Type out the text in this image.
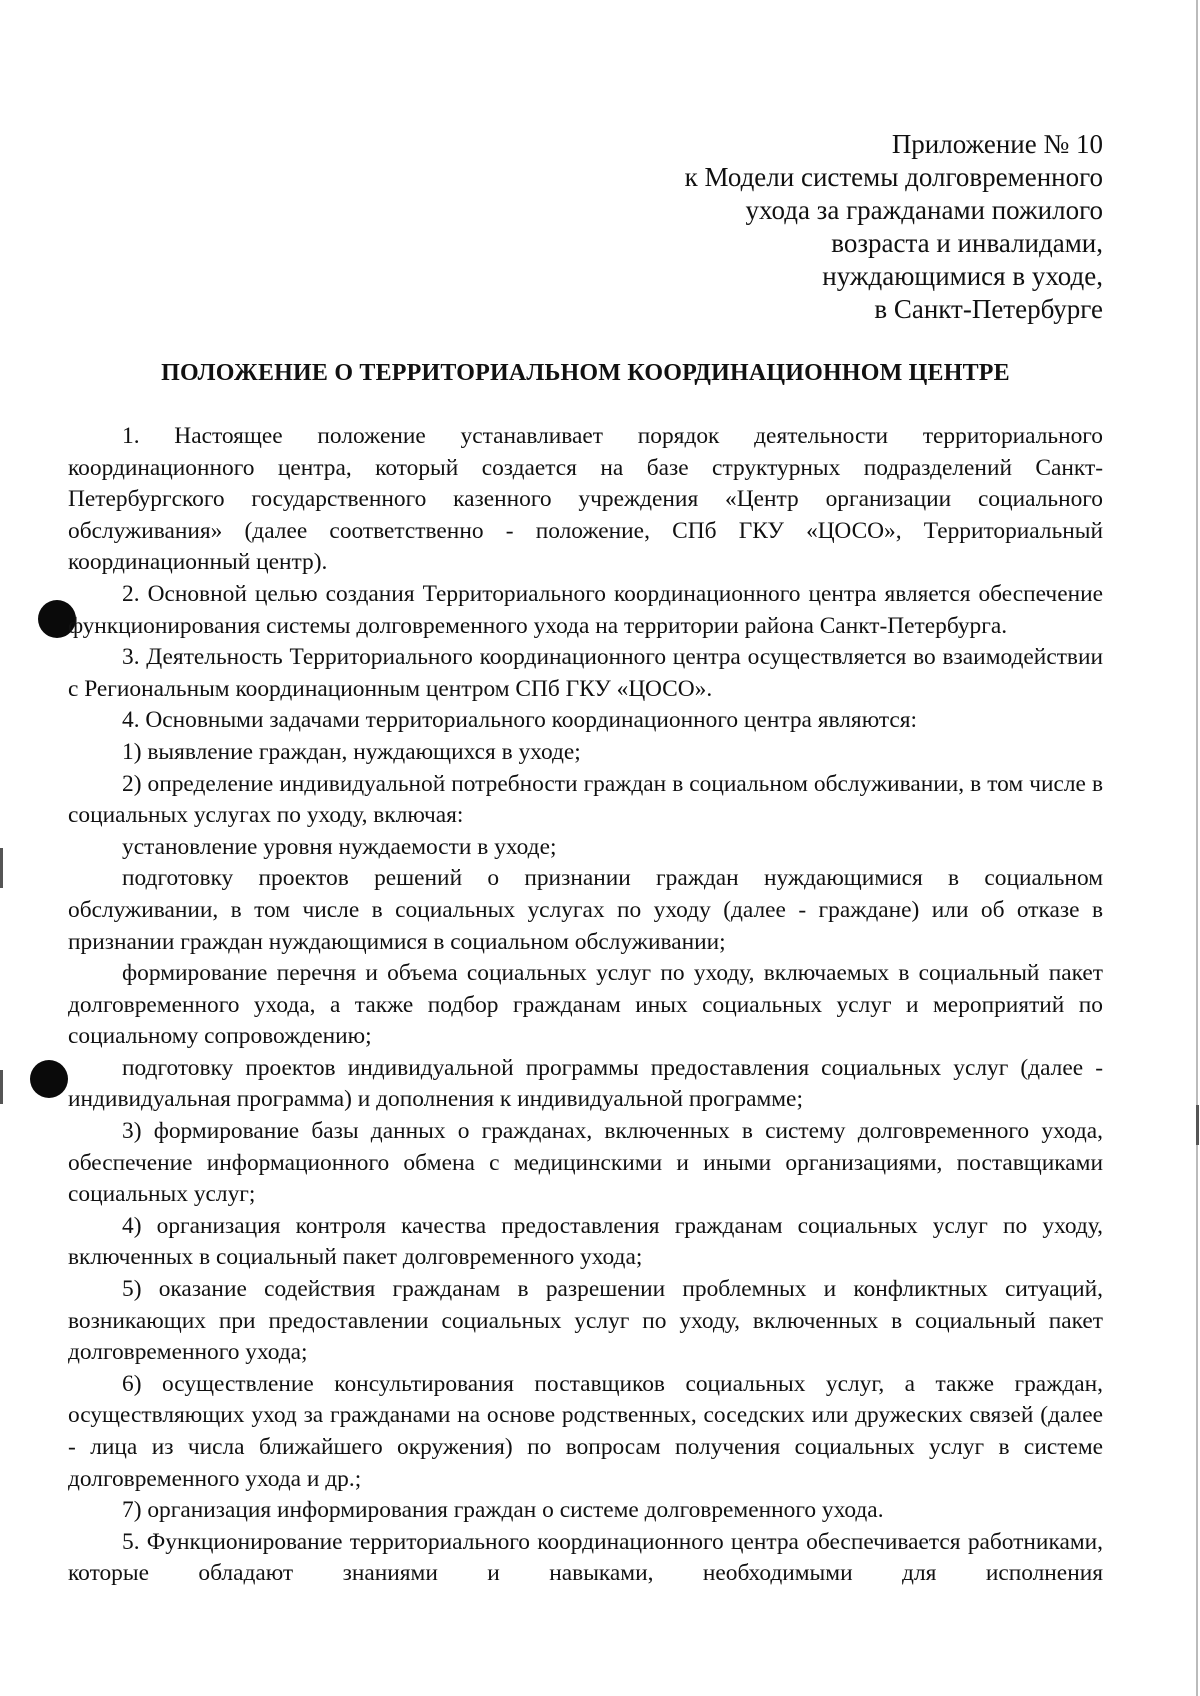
Приложение № 10
к Модели системы долговременного
ухода за гражданами пожилого
возраста и инвалидами,
нуждающимися в уходе,
в Санкт-Петербурге
ПОЛОЖЕНИЕ О ТЕРРИТОРИАЛЬНОМ КООРДИНАЦИОННОМ ЦЕНТРЕ

1. Настоящее положение устанавливает порядок деятельности территориального координационного центра, который создается на базе структурных подразделений Санкт-Петербургского государственного казенного учреждения «Центр организации социального обслуживания» (далее соответственно - положение, СПб ГКУ «ЦОСО», Территориальный координационный центр).

2. Основной целью создания Территориального координационного центра является обеспечение функционирования системы долговременного ухода на территории района Санкт-Петербурга.

3. Деятельность Территориального координационного центра осуществляется во взаимодействии с Региональным координационным центром СПб ГКУ «ЦОСО».

4. Основными задачами территориального координационного центра являются:

1) выявление граждан, нуждающихся в уходе;

2) определение индивидуальной потребности граждан в социальном обслуживании, в том числе в социальных услугах по уходу, включая:

установление уровня нуждаемости в уходе;

подготовку проектов решений о признании граждан нуждающимися в социальном обслуживании, в том числе в социальных услугах по уходу (далее - граждане) или об отказе в признании граждан нуждающимися в социальном обслуживании;

формирование перечня и объема социальных услуг по уходу, включаемых в социальный пакет долговременного ухода, а также подбор гражданам иных социальных услуг и мероприятий по социальному сопровождению;

подготовку проектов индивидуальной программы предоставления социальных услуг (далее - индивидуальная программа) и дополнения к индивидуальной программе;

3) формирование базы данных о гражданах, включенных в систему долговременного ухода, обеспечение информационного обмена с медицинскими и иными организациями, поставщиками социальных услуг;

4) организация контроля качества предоставления гражданам социальных услуг по уходу, включенных в социальный пакет долговременного ухода;

5) оказание содействия гражданам в разрешении проблемных и конфликтных ситуаций, возникающих при предоставлении социальных услуг по уходу, включенных в социальный пакет долговременного ухода;

6) осуществление консультирования поставщиков социальных услуг, а также граждан, осуществляющих уход за гражданами на основе родственных, соседских или дружеских связей (далее - лица из числа ближайшего окружения) по вопросам получения социальных услуг в системе долговременного ухода и др.;

7) организация информирования граждан о системе долговременного ухода.

5. Функционирование территориального координационного центра обеспечивается работниками, которые обладают знаниями и навыками, необходимыми для исполнения
